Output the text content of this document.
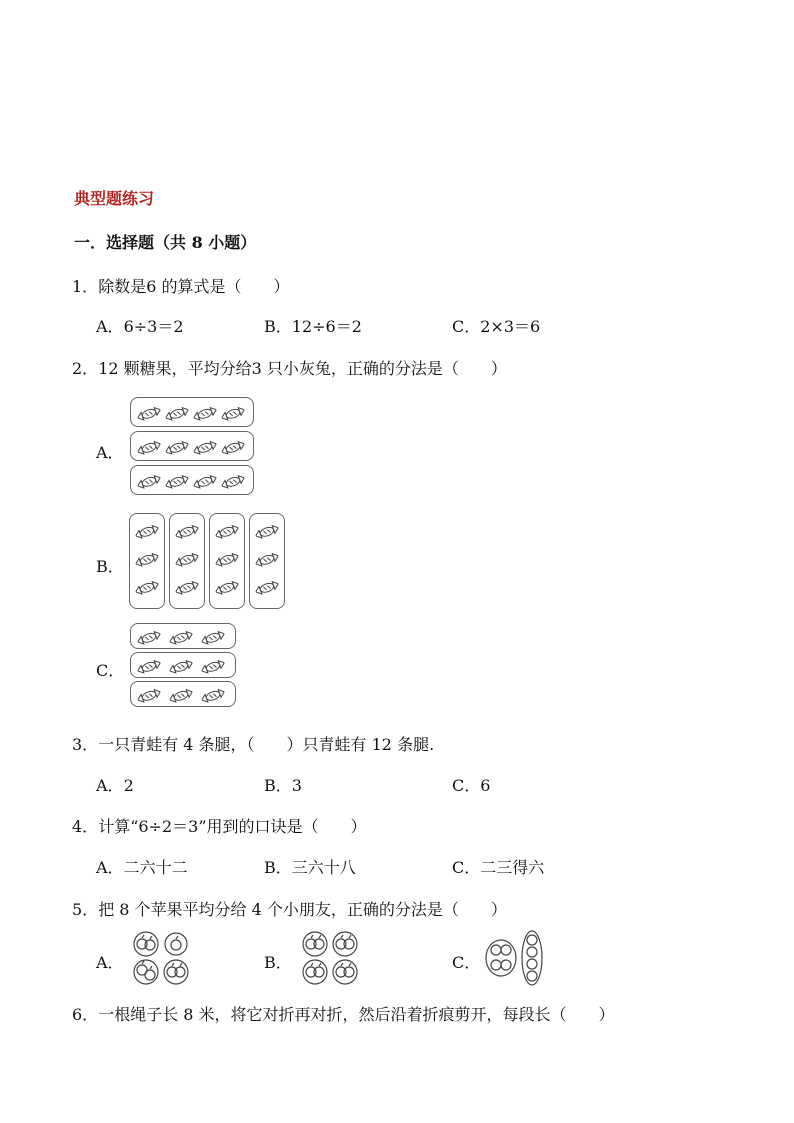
典型题练习
一．选择题（共 8 小题）
1．除数是6 的算式是（　　）
A．6÷3＝2	B．12÷6＝2	C．2×3＝6
2．12 颗糖果，平均分给3 只小灰兔，正确的分法是（　　）
A．
B．
C．
3．一只青蛙有 4 条腿，（　　）只青蛙有 12 条腿.
A．2	B．3	C．6
4．计算“6÷2＝3”用到的口诀是（　　）
A．二六十二	B．三六十八	C．二三得六
5．把 8 个苹果平均分给 4 个小朋友，正确的分法是（　　）
A．	B．	C．
6．一根绳子长 8 米，将它对折再对折，然后沿着折痕剪开，每段长（　　）
